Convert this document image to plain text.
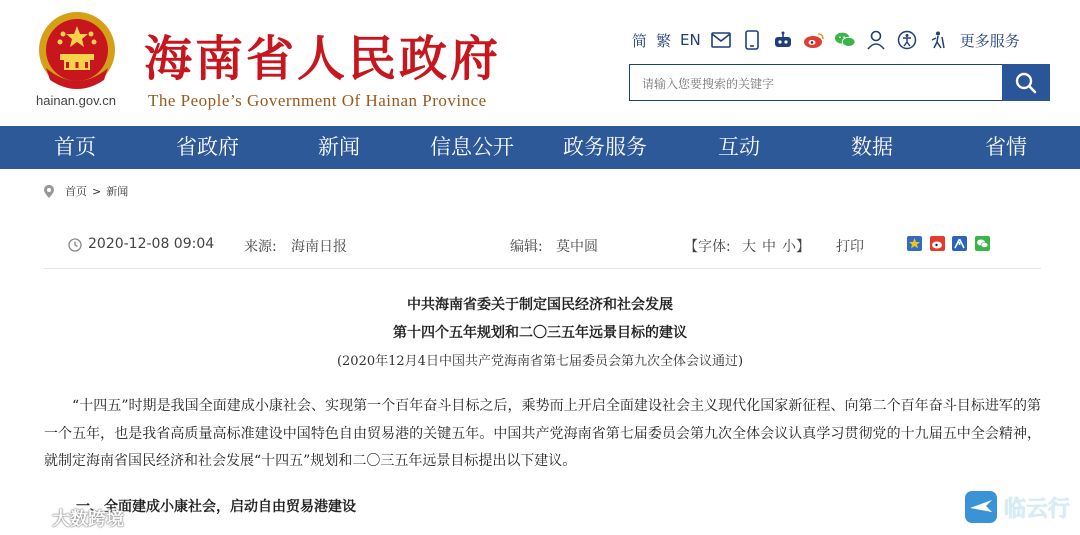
hainan.gov.cn
海南省人民政府
The People’s Government Of Hainan Province
简 繁 EN	更多服务
请输入您要搜索的关键字
首页	省政府	新闻	信息公开 政务服务	互动	数据	省情
首页 > 新闻
2020-12-08 09:04 来源: 海南日报	编辑: 莫中圆	【字体: 大 中 小】 打印
中共海南省委关于制定国民经济和社会发展
第十四个五年规划和二〇三五年远景目标的建议
(2020年12月4日中国共产党海南省第七届委员会第九次全体会议通过)
“十四五”时期是我国全面建成小康社会、实现第一个百年奋斗目标之后，乘势而上开启全面建设社会主义现代化国家新征程、向第二个百年奋斗目标进军的第一个五年，也是我省高质量高标准建设中国特色自由贸易港的关键五年。中国共产党海南省第七届委员会第九次全体会议认真学习贯彻党的十九届五中全会精神，就制定海南省国民经济和社会发展“十四五”规划和二〇三五年远景目标提出以下建议。
一、全面建成小康社会，启动自由贸易港建设
大数跨境	临云行
